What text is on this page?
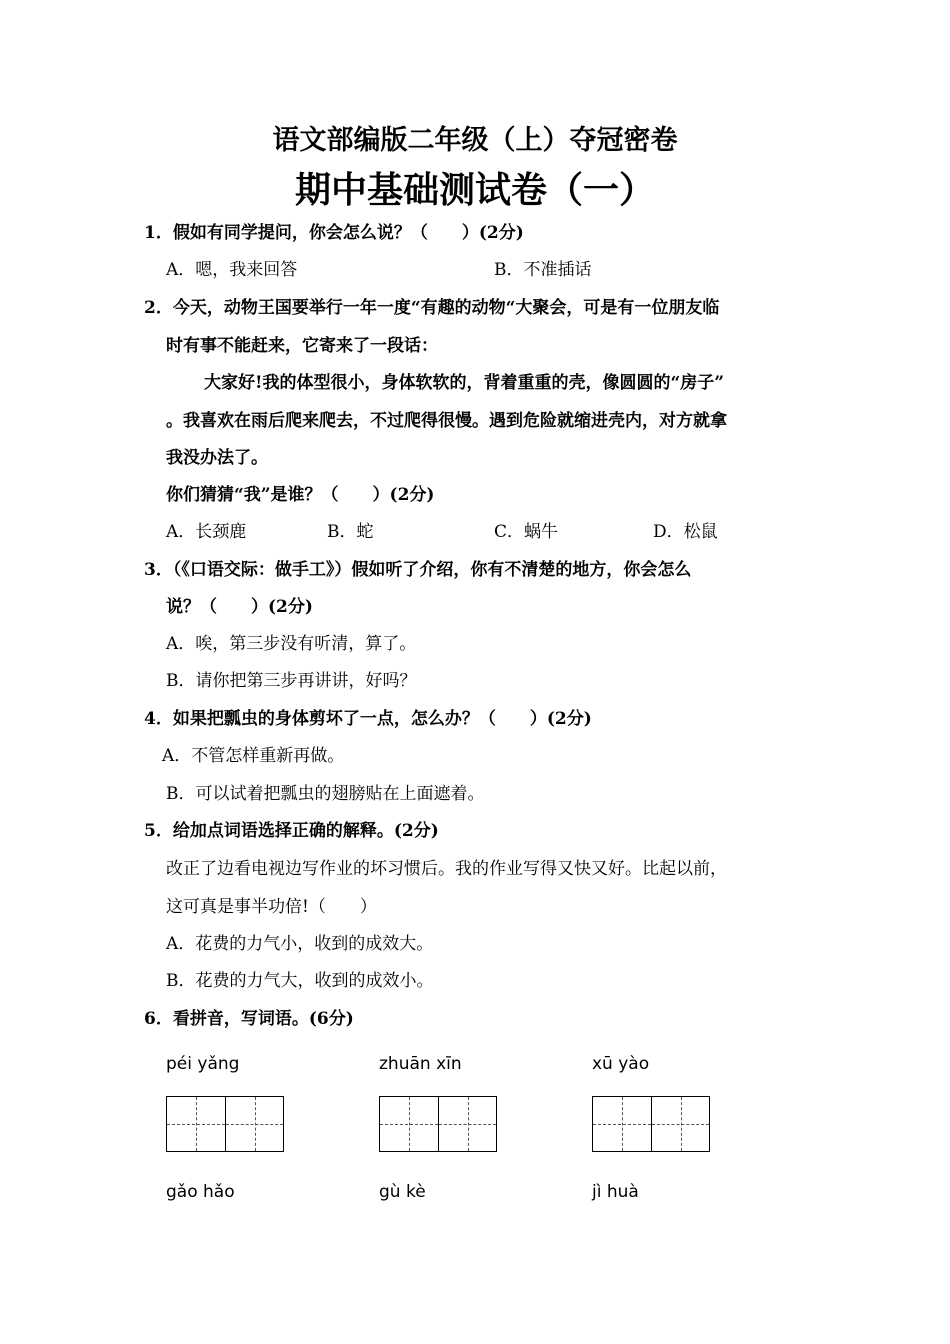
语文部编版二年级（上）夺冠密卷
期中基础测试卷（一）
1．假如有同学提问，你会怎么说？（　　）(2分)
A．嗯，我来回答	B．不准插话
2．今天，动物王国要举行一年一度“有趣的动物“大聚会，可是有一位朋友临
时有事不能赶来，它寄来了一段话：
大家好!我的体型很小，身体软软的，背着重重的壳，像圆圆的“房子”
。我喜欢在雨后爬来爬去，不过爬得很慢。遇到危险就缩进壳内，对方就拿
我没办法了。
你们猜猜“我”是谁？（　　）(2分)
A．长颈鹿	B．蛇	C．蜗牛	D．松鼠
3．（《口语交际：做手工》）假如听了介绍，你有不清楚的地方，你会怎么
说？（　　）(2分)
A．唉，第三步没有听清，算了。
B．请你把第三步再讲讲，好吗？
4．如果把瓢虫的身体剪坏了一点，怎么办？（　　）(2分)
A．不管怎样重新再做。
B．可以试着把瓢虫的翅膀贴在上面遮着。
5．给加点词语选择正确的解释。(2分)
改正了边看电视边写作业的坏习惯后。我的作业写得又快又好。比起以前，
这可真是事半功倍!（　　）
A．花费的力气小，收到的成效大。
B．花费的力气大，收到的成效小。
6．看拼音，写词语。(6分)
péi yǎng	zhuān xīn	xū yào
gǎo hǎo	gù kè	jì huà
